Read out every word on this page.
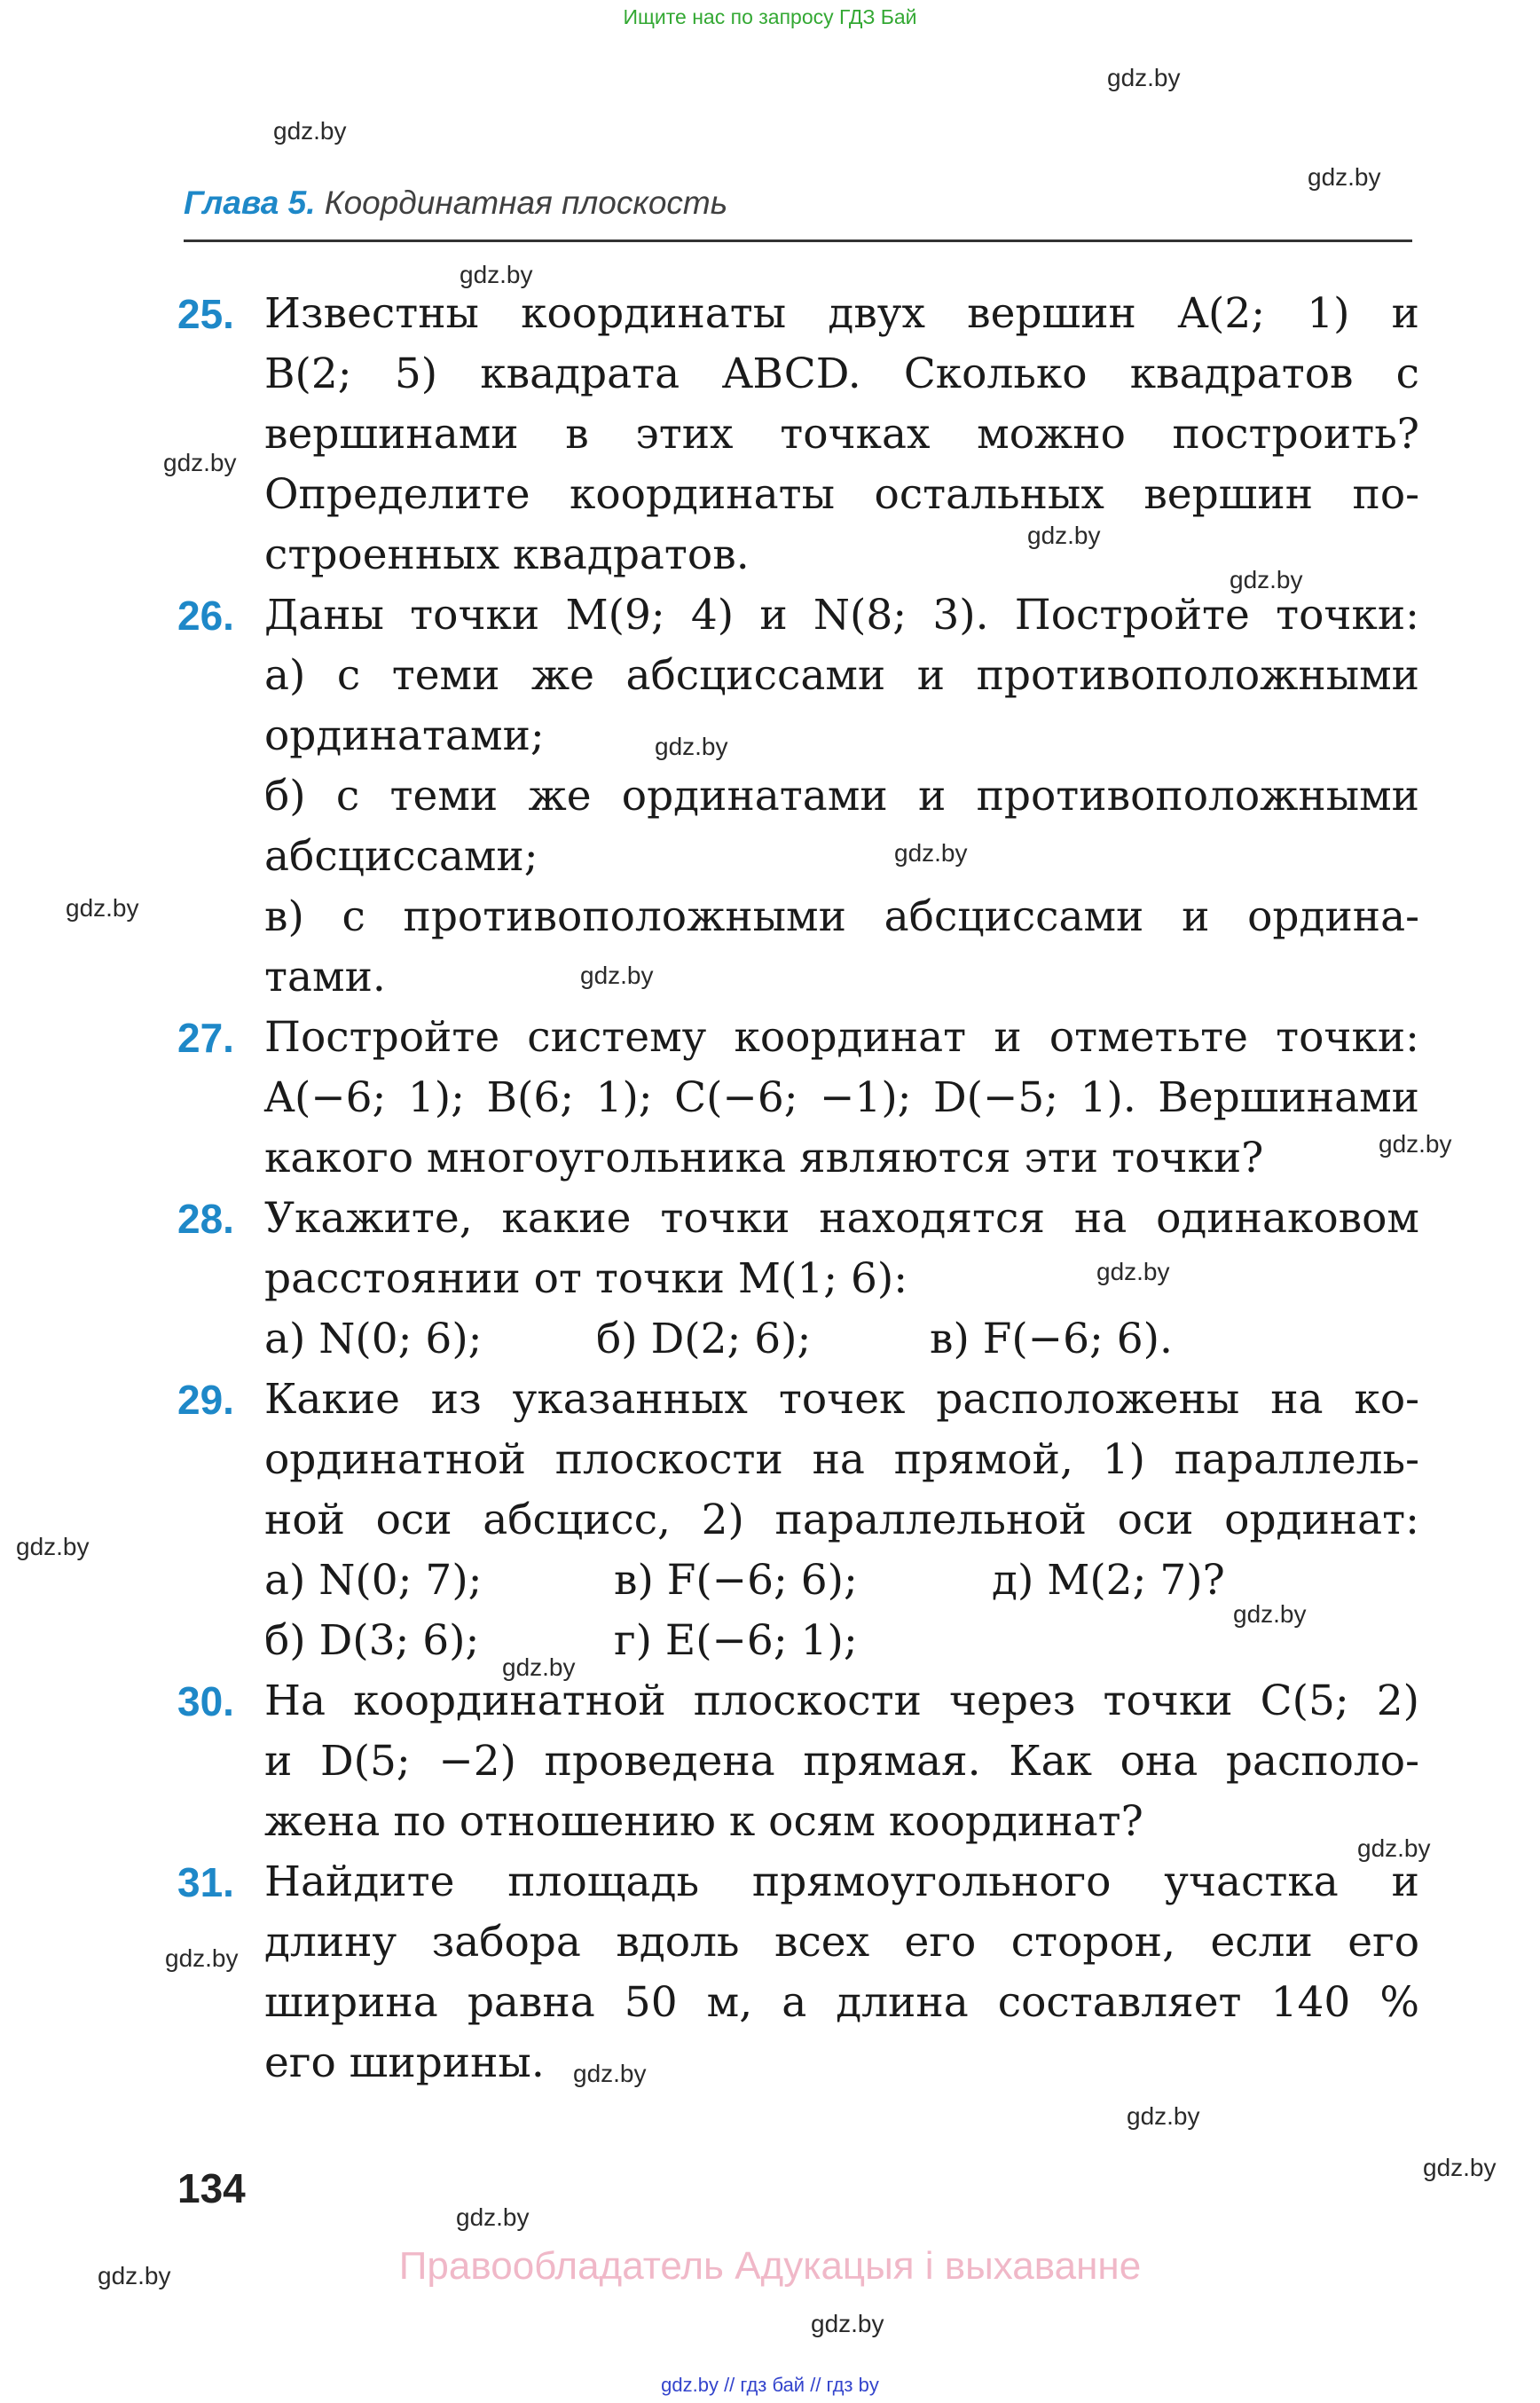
Ищите нас по запросу ГДЗ Бай
Глава 5. Координатная плоскость
25. Известны координаты двух вершин A(2; 1) и
B(2; 5) квадрата ABCD. Сколько квадратов с
вершинами в этих точках можно построить?
Определите координаты остальных вершин по-
строенных квадратов.
26. Даны точки M(9; 4) и N(8; 3). Постройте точки:
а) с теми же абсциссами и противоположными
ординатами;
б) с теми же ординатами и противоположными
абсциссами;
в) с противоположными абсциссами и ордина-
тами.
27. Постройте систему координат и отметьте точки:
A(−6; 1); B(6; 1); C(−6; −1); D(−5; 1). Вершинами
какого многоугольника являются эти точки?
28. Укажите, какие точки находятся на одинаковом
расстоянии от точки M(1; 6):
а) N(0; 6);	б) D(2; 6);	в) F(−6; 6).
29. Какие из указанных точек расположены на ко-
ординатной плоскости на прямой, 1) параллель-
ной оси абсцисс, 2) параллельной оси ординат:
а) N(0; 7);	в) F(−6; 6);	д) M(2; 7)?
б) D(3; 6);	г) E(−6; 1);
30. На координатной плоскости через точки C(5; 2)
и D(5; −2) проведена прямая. Как она располо-
жена по отношению к осям координат?
31. Найдите площадь прямоугольного участка и
длину забора вдоль всех его сторон, если его
ширина равна 50 м, а длина составляет 140 %
его ширины.
gdz.by
gdz.by
gdz.by
gdz.by
gdz.by
gdz.by
gdz.by
gdz.by
gdz.by
gdz.by
gdz.by
gdz.by
gdz.by
gdz.by
gdz.by
gdz.by
gdz.by
gdz.by
gdz.by
gdz.by
gdz.by
gdz.by
gdz.by
gdz.by
134
Правообладатель Адукацыя і выхаванне
gdz.by // гдз бай // гдз by
